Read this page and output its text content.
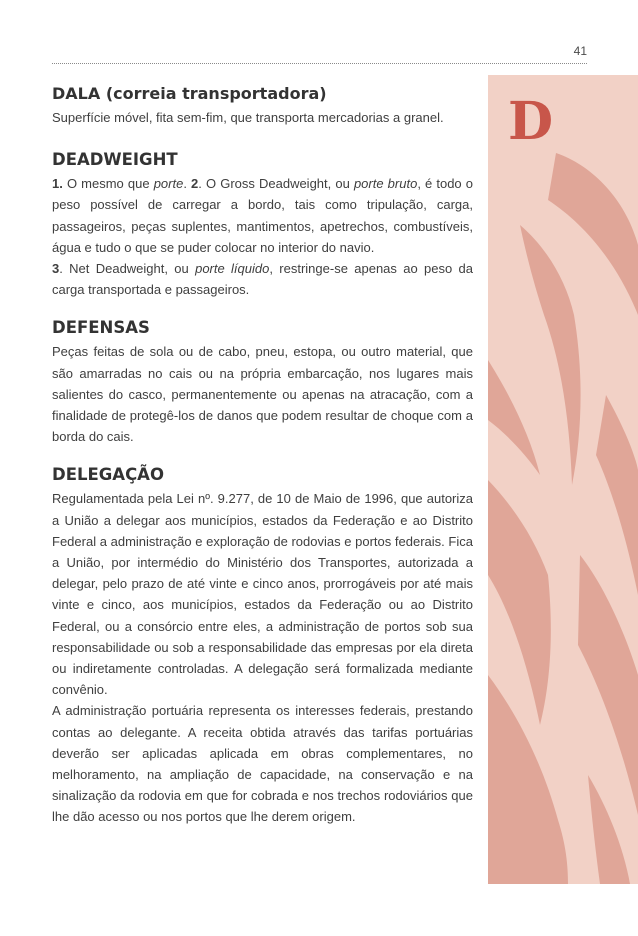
41
D
DALA (correia transportadora)

Superfície móvel, fita sem-fim, que transporta mercadorias a granel.

DEADWEIGHT

1. O mesmo que porte. 2. O Gross Deadweight, ou porte bruto, é todo o peso possível de carregar a bordo, tais como tripulação, carga, passageiros, peças suplentes, mantimentos, apetrechos, combustíveis, água e tudo o que se puder colocar no interior do navio.
3. Net Deadweight, ou porte líquido, restringe-se apenas ao peso da carga transportada e passageiros.

DEFENSAS

Peças feitas de sola ou de cabo, pneu, estopa, ou outro material, que são amarradas no cais ou na própria embarcação, nos lugares mais salientes do casco, permanentemente ou apenas na atracação, com a finalidade de protegê-los de danos que podem resultar de choque com a borda do cais.

DELEGAÇÃO

Regulamentada pela Lei nº. 9.277, de 10 de Maio de 1996, que autoriza a União a delegar aos municípios, estados da Federação e ao Distrito Federal a administração e exploração de rodovias e portos federais. Fica a União, por intermédio do Ministério dos Transportes, autorizada a delegar, pelo prazo de até vinte e cinco anos, prorrogáveis por até mais vinte e cinco, aos municípios, estados da Federação ou ao Distrito Federal, ou a consórcio entre eles, a administração de portos sob sua responsabilidade ou sob a responsabilidade das empresas por ela direta ou indiretamente controladas. A delegação será formalizada mediante convênio.
A administração portuária representa os interesses federais, prestando contas ao delegante. A receita obtida através das tarifas portuárias deverão ser aplicadas aplicada em obras complementares, no melhoramento, na ampliação de capacidade, na conservação e na sinalização da rodovia em que for cobrada e nos trechos rodoviários que lhe dão acesso ou nos portos que lhe derem origem.
